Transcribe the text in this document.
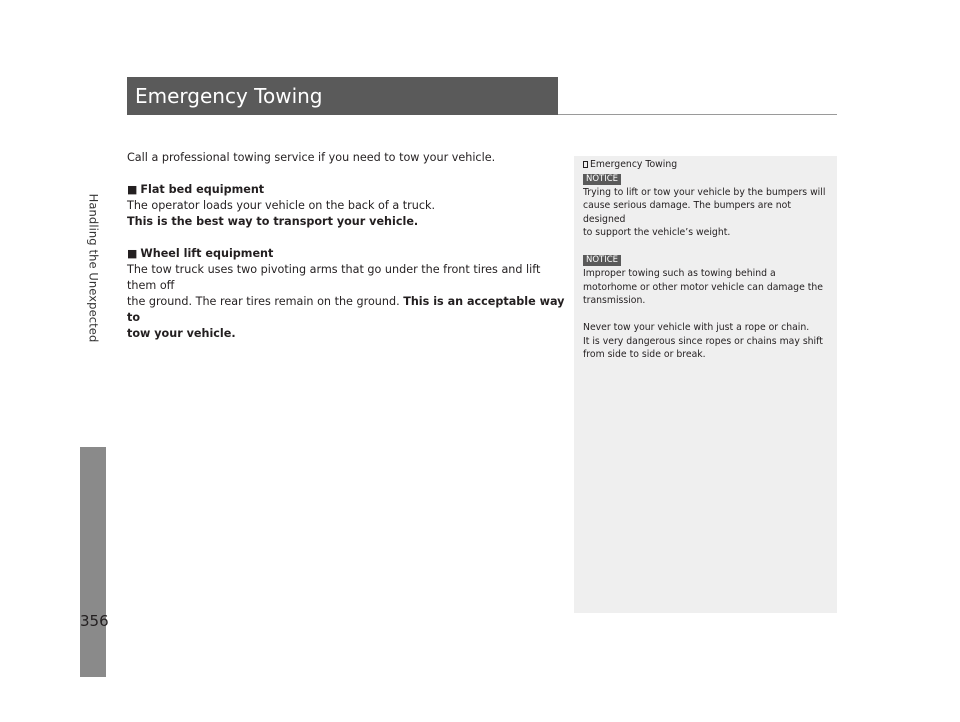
Handling the Unexpected
356
Emergency Towing

Call a professional towing service if you need to tow your vehicle.

■ Flat bed equipment

The operator loads your vehicle on the back of a truck.

This is the best way to transport your vehicle.

■ Wheel lift equipment

The tow truck uses two pivoting arms that go under the front tires and lift them off

the ground. The rear tires remain on the ground. This is an acceptable way to

tow your vehicle.

Emergency Towing

NOTICE

Trying to lift or tow your vehicle by the bumpers will

cause serious damage. The bumpers are not designed

to support the vehicle’s weight.

NOTICE

Improper towing such as towing behind a

motorhome or other motor vehicle can damage the

transmission.

Never tow your vehicle with just a rope or chain.

It is very dangerous since ropes or chains may shift

from side to side or break.
